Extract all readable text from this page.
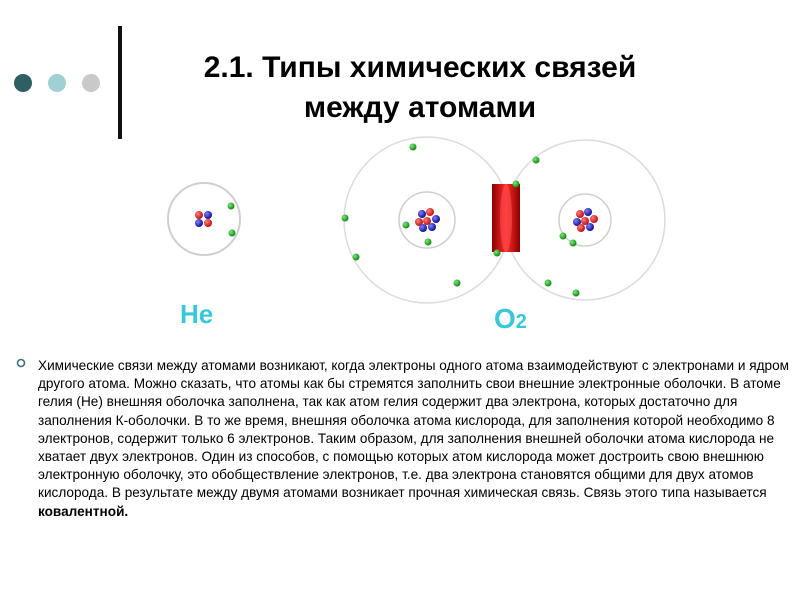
2.1. Типы химических связей
между атомами
He	O2
Химические связи между атомами возникают, когда электроны одного атома взаимодействуют с электронами и ядром другого атома. Можно сказать, что атомы как бы стремятся заполнить свои внешние электронные оболочки. В атоме гелия (He) внешняя оболочка заполнена, так как атом гелия содержит два электрона, которых достаточно для заполнения К-оболочки. В то же время, внешняя оболочка атома кислорода, для заполнения которой необходимо 8 электронов, содержит только 6 электронов. Таким образом, для заполнения внешней оболочки атома кислорода не хватает двух электронов. Один из способов, с помощью которых атом кислорода может достроить свою внешнюю электронную оболочку, это обобществление электронов, т.е. два электрона становятся общими для двух атомов кислорода. В результате между двумя атомами возникает прочная химическая связь. Связь этого типа называется ковалентной.
